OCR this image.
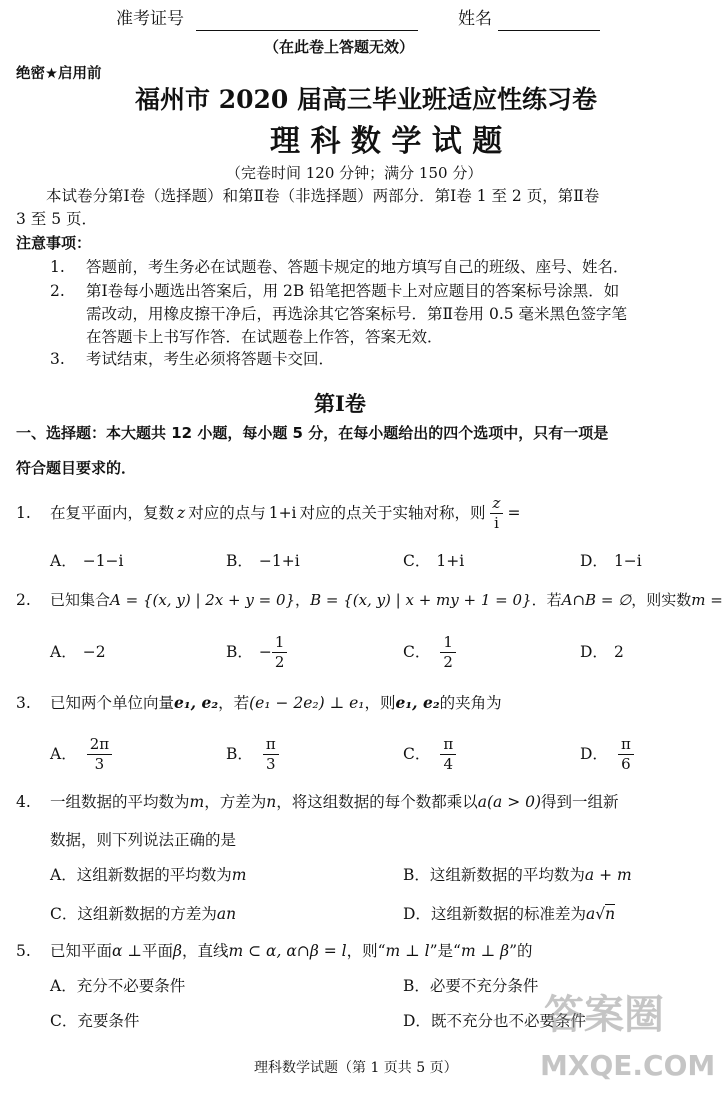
准考证号	姓名
（在此卷上答题无效）
绝密★启用前
福州市 2020 届高三毕业班适应性练习卷
理 科 数 学 试 题
（完卷时间 120 分钟；满分 150 分）
本试卷分第Ⅰ卷（选择题）和第Ⅱ卷（非选择题）两部分．第Ⅰ卷 1 至 2 页，第Ⅱ卷
3 至 5 页．
注意事项：
1. 答题前，考生务必在试题卷、答题卡规定的地方填写自己的班级、座号、姓名．
2. 第Ⅰ卷每小题选出答案后，用 2B 铅笔把答题卡上对应题目的答案标号涂黑．如
需改动，用橡皮擦干净后，再选涂其它答案标号．第Ⅱ卷用 0.5 毫米黑色签字笔
在答题卡上书写作答．在试题卷上作答，答案无效．
3. 考试结束，考生必须将答题卡交回．
第Ⅰ卷
一、选择题：本大题共 12 小题，每小题 5 分，在每小题给出的四个选项中，只有一项是
符合题目要求的．
1. 在复平面内，复数 z 对应的点与 1+i 对应的点关于实轴对称，则 $\frac{z}{i}$ =
A． −1−i	B． −1+i	C． 1+i	D． 1−i
2. 已知集合A = {(x, y) | 2x + y = 0}，B = {(x, y) | x + my + 1 = 0}．若A∩B = ∅，则实数m =
A． −2	B． − $\frac{1}{2}$	C． $\frac{1}{2}$	D． 2
3. 已知两个单位向量e₁, e₂，若(e₁ − 2e₂) ⊥ e₁，则e₁, e₂的夹角为
A． $\frac{2\pi}{3}$	B． $\frac{\pi}{3}$	C． $\frac{\pi}{4}$	D． $\frac{\pi}{6}$
4. 一组数据的平均数为m，方差为n，将这组数据的每个数都乘以a(a > 0)得到一组新
数据，则下列说法正确的是
A．这组新数据的平均数为m	B．这组新数据的平均数为a + m
C．这组新数据的方差为an	D．这组新数据的标准差为a√n
5. 已知平面α ⊥平面β，直线m ⊂ α, α∩β = l，则“m ⊥ l”是“m ⊥ β”的
A．充分不必要条件	B．必要不充分条件
C．充要条件	D．既不充分也不必要条件
答案圈
MXQE.COM
理科数学试题（第 1 页共 5 页）
